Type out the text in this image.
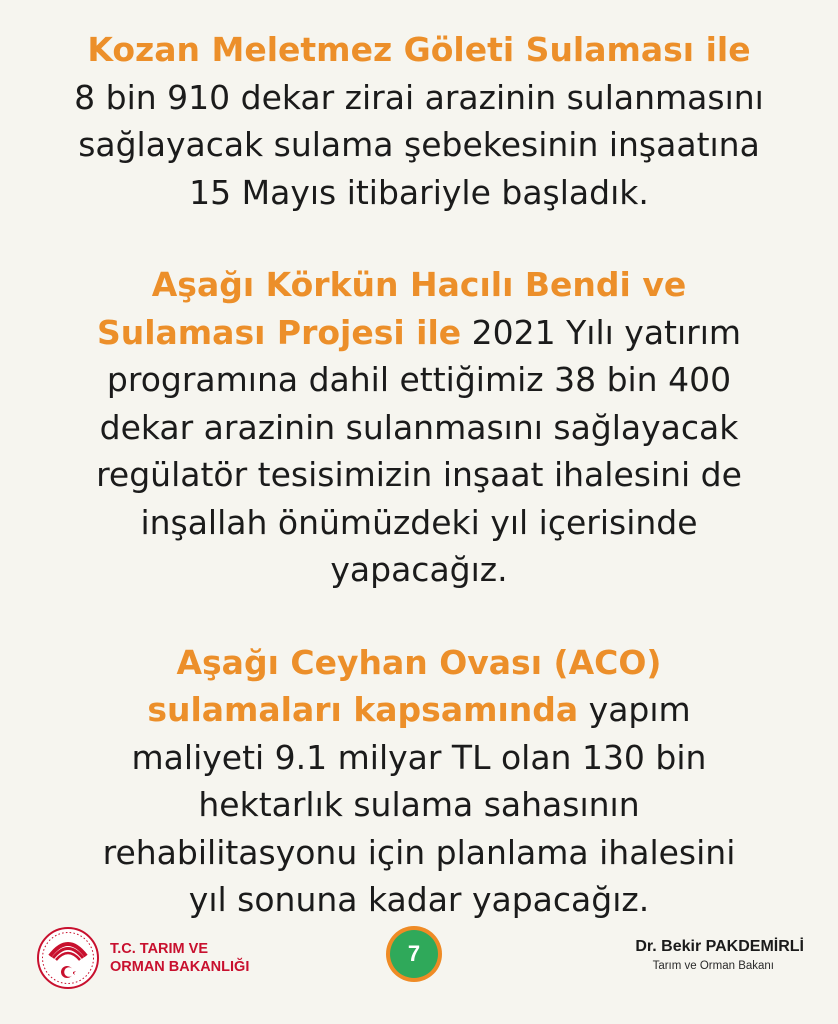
Kozan Meletmez Göleti Sulaması ile
8 bin 910 dekar zirai arazinin sulanmasını
sağlayacak sulama şebekesinin inşaatına
15 Mayıs itibariyle başladık.

Aşağı Körkün Hacılı Bendi ve
Sulaması Projesi ile 2021 Yılı yatırım
programına dahil ettiğimiz 38 bin 400
dekar arazinin sulanmasını sağlayacak
regülatör tesisimizin inşaat ihalesini de
inşallah önümüzdeki yıl içerisinde
yapacağız.

Aşağı Ceyhan Ovası (ACO)
sulamaları kapsamında yapım
maliyeti 9.1 milyar TL olan 130 bin
hektarlık sulama sahasının
rehabilitasyonu için planlama ihalesini
yıl sonuna kadar yapacağız.

T.C. TARIM VE
ORMAN BAKANLIĞI
7	Dr. Bekir PAKDEMİRLİ
Tarım ve Orman Bakanı
